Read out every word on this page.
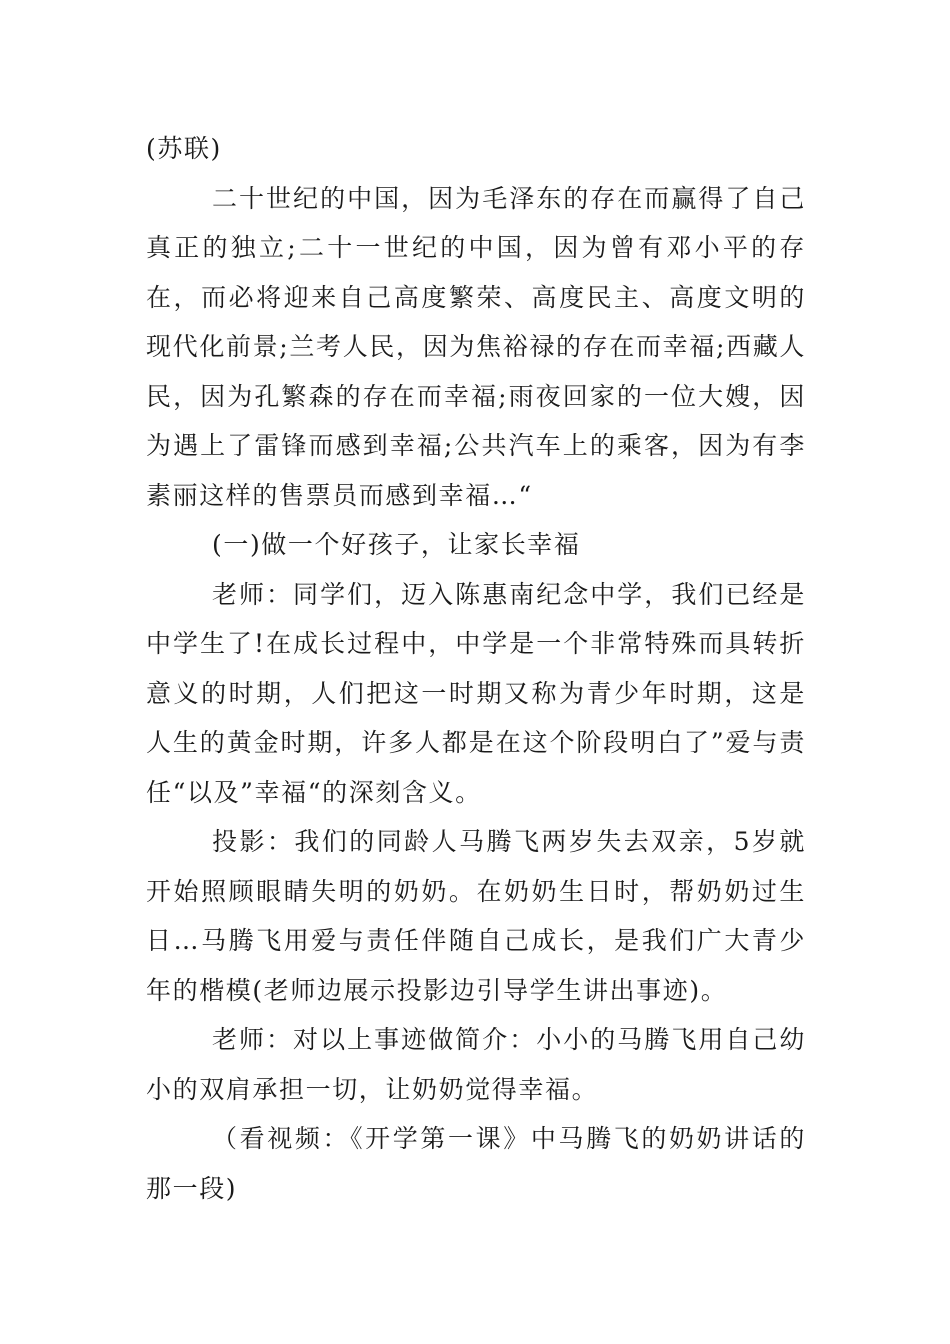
(苏联)

二十世纪的中国，因为毛泽东的存在而赢得了自己真正的独立;二十一世纪的中国，因为曾有邓小平的存在，而必将迎来自己高度繁荣、高度民主、高度文明的现代化前景;兰考人民，因为焦裕禄的存在而幸福;西藏人民，因为孔繁森的存在而幸福;雨夜回家的一位大嫂，因为遇上了雷锋而感到幸福;公共汽车上的乘客，因为有李素丽这样的售票员而感到幸福…“

(一)做一个好孩子，让家长幸福

老师：同学们，迈入陈惠南纪念中学，我们已经是中学生了!在成长过程中，中学是一个非常特殊而具转折意义的时期，人们把这一时期又称为青少年时期，这是人生的黄金时期，许多人都是在这个阶段明白了”爱与责任“以及”幸福“的深刻含义。

投影：我们的同龄人马腾飞两岁失去双亲，5岁就开始照顾眼睛失明的奶奶。在奶奶生日时，帮奶奶过生日…马腾飞用爱与责任伴随自己成长，是我们广大青少年的楷模(老师边展示投影边引导学生讲出事迹)。

老师：对以上事迹做简介：小小的马腾飞用自己幼小的双肩承担一切，让奶奶觉得幸福。

（看视频：《开学第一课》中马腾飞的奶奶讲话的那一段)
